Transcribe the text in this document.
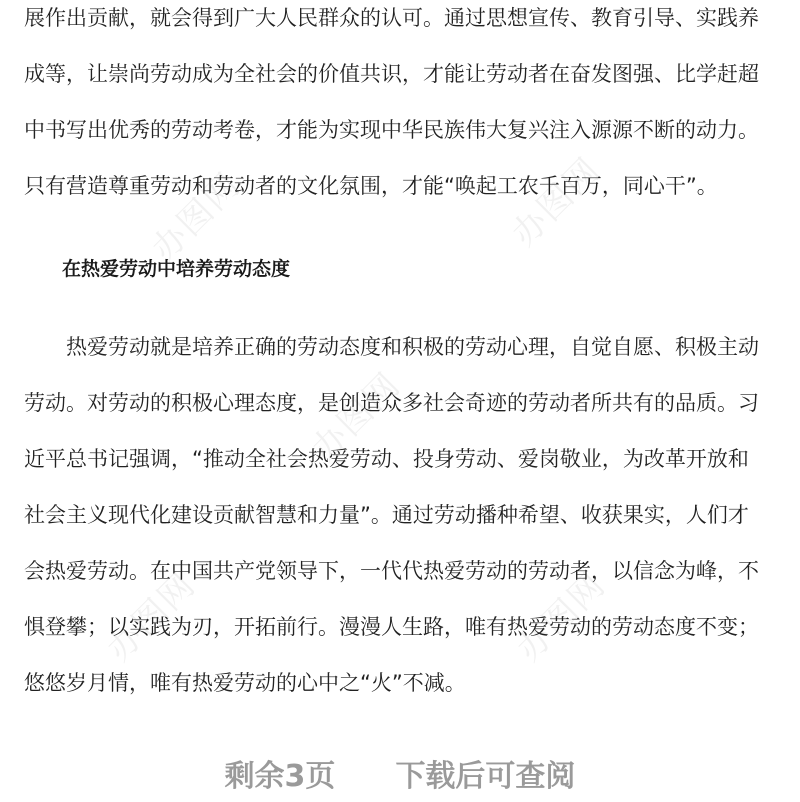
办图网	办图网
办图网
办图网	办图网
展作出贡献，就会得到广大人民群众的认可。通过思想宣传、教育引导、实践养
成等，让崇尚劳动成为全社会的价值共识，才能让劳动者在奋发图强、比学赶超
中书写出优秀的劳动考卷，才能为实现中华民族伟大复兴注入源源不断的动力。
只有营造尊重劳动和劳动者的文化氛围，才能“唤起工农千百万，同心干”。
在热爱劳动中培养劳动态度
热爱劳动就是培养正确的劳动态度和积极的劳动心理，自觉自愿、积极主动
劳动。对劳动的积极心理态度，是创造众多社会奇迹的劳动者所共有的品质。习
近平总书记强调，“推动全社会热爱劳动、投身劳动、爱岗敬业，为改革开放和
社会主义现代化建设贡献智慧和力量”。通过劳动播种希望、收获果实，人们才
会热爱劳动。在中国共产党领导下，一代代热爱劳动的劳动者，以信念为峰，不
惧登攀；以实践为刃，开拓前行。漫漫人生路，唯有热爱劳动的劳动态度不变；
悠悠岁月情，唯有热爱劳动的心中之“火”不减。
剩余3页 下载后可查阅
